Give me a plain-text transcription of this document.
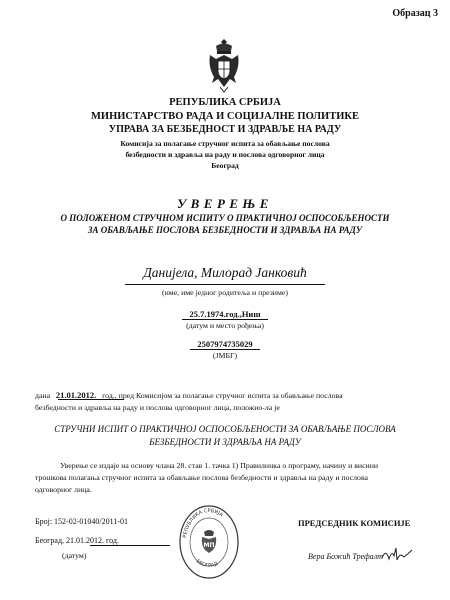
Образац 3
РЕПУБЛИКА СРБИЈА
МИНИСТАРСТВО РАДА И СОЦИЈАЛНЕ ПОЛИТИКЕ
УПРАВА ЗА БЕЗБЕДНОСТ И ЗДРАВЉЕ НА РАДУ
Комисија за полагање стручног испита за обављање послова
безбедности и здравља на раду и послова одговорног лица
Београд
УВЕРЕЊЕ
О ПОЛОЖЕНОМ СТРУЧНОМ ИСПИТУ О ПРАКТИЧНОЈ ОСПОСОБЉЕНОСТИ
ЗА ОБАВЉАЊЕ ПОСЛОВА БЕЗБЕДНОСТИ И ЗДРАВЉА НА РАДУ
Данијела, Милорад Јанковић
(име, име једног родитеља и презиме)
25.7.1974.год.,Ниш
(датум и место рођења)
2507974735029
(ЈМБГ)
дана 21.01.2012. год., пред Комисијом за полагање стручног испита за обављање послова
безбедности и здравља на раду и послова одговорног лица, положио-ла је
СТРУЧНИ ИСПИТ О ПРАКТИЧНОЈ ОСПОСОБЉЕНОСТИ ЗА ОБАВЉАЊЕ ПОСЛОВА
БЕЗБЕДНОСТИ И ЗДРАВЉА НА РАДУ
Уверење се издаје на основу члана 28. став 1. тачка 1) Правилника о програму, начину и висини
трошкова полагања стручног испита за обављање послова безбедности и здравља на раду и послова
одговорног лица.
Број: 152-02-01040/2011-01
Београд, 21.01.2012. год.
(датум)
РЕПУБЛИКА СРБИЈА
БЕОГРАД
МП
ПРЕДСЕДНИК КОМИСИЈЕ
Вера Божић Трефалт
